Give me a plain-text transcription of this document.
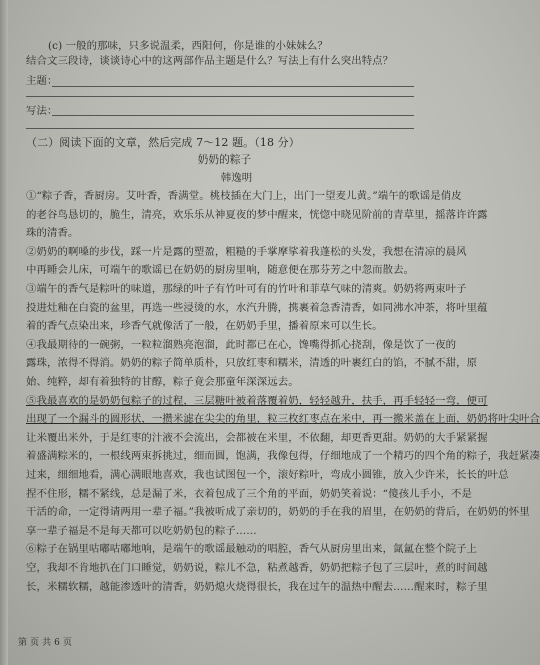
(c) 一般的那味，只多说温柔，西阳何，你是谁的小妹妹么？
结合文三段诗，谈谈诗心中的这两部作品主题是什么？写法上有什么突出特点？
主题：
写法：
（二）阅读下面的文章，然后完成 7～12 题。（18 分）
奶奶的粽子
韩逸明
①“粽子香，香厨房。艾叶香，香满堂。桃枝插在大门上，出门一望麦儿黄。”端午的歌谣是俏皮
的老谷鸟恳切的，脆生，清亮，欢乐乐从神夏夜的梦中醒来，恍惚中晓见阶前的青草里，摇落许许露
珠的清香。
②奶奶的啊嗓的步伐，踩一片是露的塑盈，粗糙的手掌摩挲着我蓬松的头发，我想在清凉的晨风
中再睡会儿床，可端午的歌谣已在奶奶的厨房里响，随意便在那芬芳之中忽而散去。
③端午的香气是粽叶的味道，那绿的叶子有竹叶可有的竹叶和菲草气味的清爽。奶奶将两束叶子
投进灶釉在白瓷的盆里，再选一些浸烫的水，水汽升腾，携裹着急香清香，如同沸水冲茶，将叶里蕴
着的香气点染出来，珍香气就像活了一般，在奶奶手里，播着原来可以生长。
④我最期待的一碗粥，一粒粒溜熟亮泡溜，此时都已在心，馋嘴得抓心挠刮，像是饮了一夜的
露珠，浓得不得消。奶奶的粽子简单质朴，只放红枣和糯米，清透的叶裹红白的馅，不腻不甜，原
始、纯粹，却有着独特的甘醇，粽子竟会那童年深深远去。
⑤我最喜欢的是奶奶包粽子的过程，三层糖叶被着落覆着奶，轻轻越升，扶手，再手轻轻一弯，便可
出现了一个漏斗的圆形状，一攒米滤在尖尖的角里，粒三枚红枣点在米中，再一搬米盖在上面，奶奶将叶尖叶合
让米覆出米外，于是红枣的汁液不会流出，会都被在米里，不依翻，却更香更甜。奶奶的大手紧紧握
着盛满粽米的，一根线两束拆挑过，细而圆，饱满，我像包得，仔细地成了一个精巧的四个角的粽子，我赶紧凑
过来，细细地看，满心满眼地喜欢，我也试图包一个，滚好粽叶，弯成小圆锥，放入少许米，长长的叶总
捏不住形，糯不紧线，总是漏了米，衣着包成了三个角的平面，奶奶笑着说：“傻孩儿手小，不是
干活的命，一定得请两用一辈子福。”我被听成了亲切的，奶奶的手在我的眉里，在奶奶的背后，在奶奶的怀里
享一辈子福是不是每天都可以吃奶奶包的粽子……
⑥粽子在锅里咕嘟咕嘟地响，是端午的歌谣最触动的唱腔，香气从厨房里出来，氤氲在整个院子上
空，我却不肯地扒在门口睡觉，奶奶说，粽儿不急，粘煮越香，奶奶把粽子包了三层叶，煮的时间越
长，米糯软糯，越能渗透叶的清香，奶奶熄火烧得很长，我在过午的温热中醒去……醒来时，粽子里
第 页 共 6 页
